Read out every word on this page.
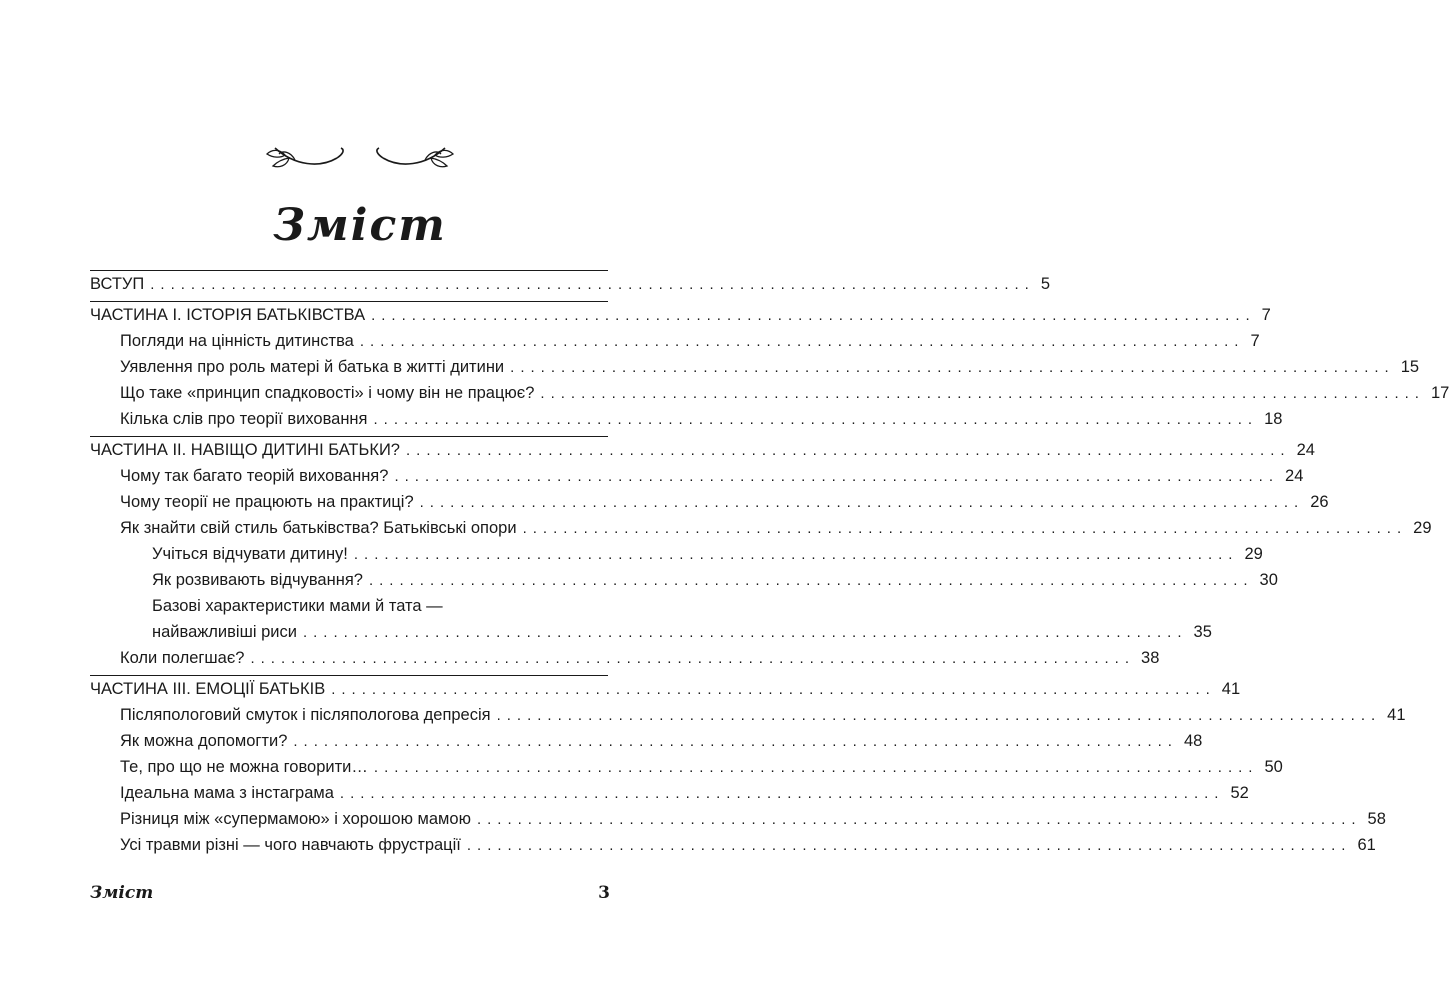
Зміст
ВСТУП ....................................................................................... 5
ЧАСТИНА І. ІСТОРІЯ БАТЬКІВСТВА ....................................................................................... 7
Погляди на цінність дитинства ....................................................................................... 7
Уявлення про роль матері й батька в житті дитини ....................................................................................... 15
Що таке «принцип спадковості» і чому він не працює? ....................................................................................... 17
Кілька слів про теорії виховання ....................................................................................... 18
ЧАСТИНА ІІ. НАВІЩО ДИТИНІ БАТЬКИ? ....................................................................................... 24
Чому так багато теорій виховання? ....................................................................................... 24
Чому теорії не працюють на практиці? ....................................................................................... 26
Як знайти свій стиль батьківства? Батьківські опори ....................................................................................... 29
Учіться відчувати дитину! ....................................................................................... 29
Як розвивають відчування? ....................................................................................... 30
Базові характеристики мами й тата —
найважливіші риси ....................................................................................... 35
Коли полегшає? ....................................................................................... 38
ЧАСТИНА ІІІ. ЕМОЦІЇ БАТЬКІВ ....................................................................................... 41
Післяпологовий смуток і післяпологова депресія ....................................................................................... 41
Як можна допомогти? ....................................................................................... 48
Те, про що не можна говорити… ....................................................................................... 50
Ідеальна мама з інстаграма ....................................................................................... 52
Різниця між «супермамою» і хорошою мамою ....................................................................................... 58
Усі травми різні — чого навчають фрустрації ....................................................................................... 61
Зміст	3
